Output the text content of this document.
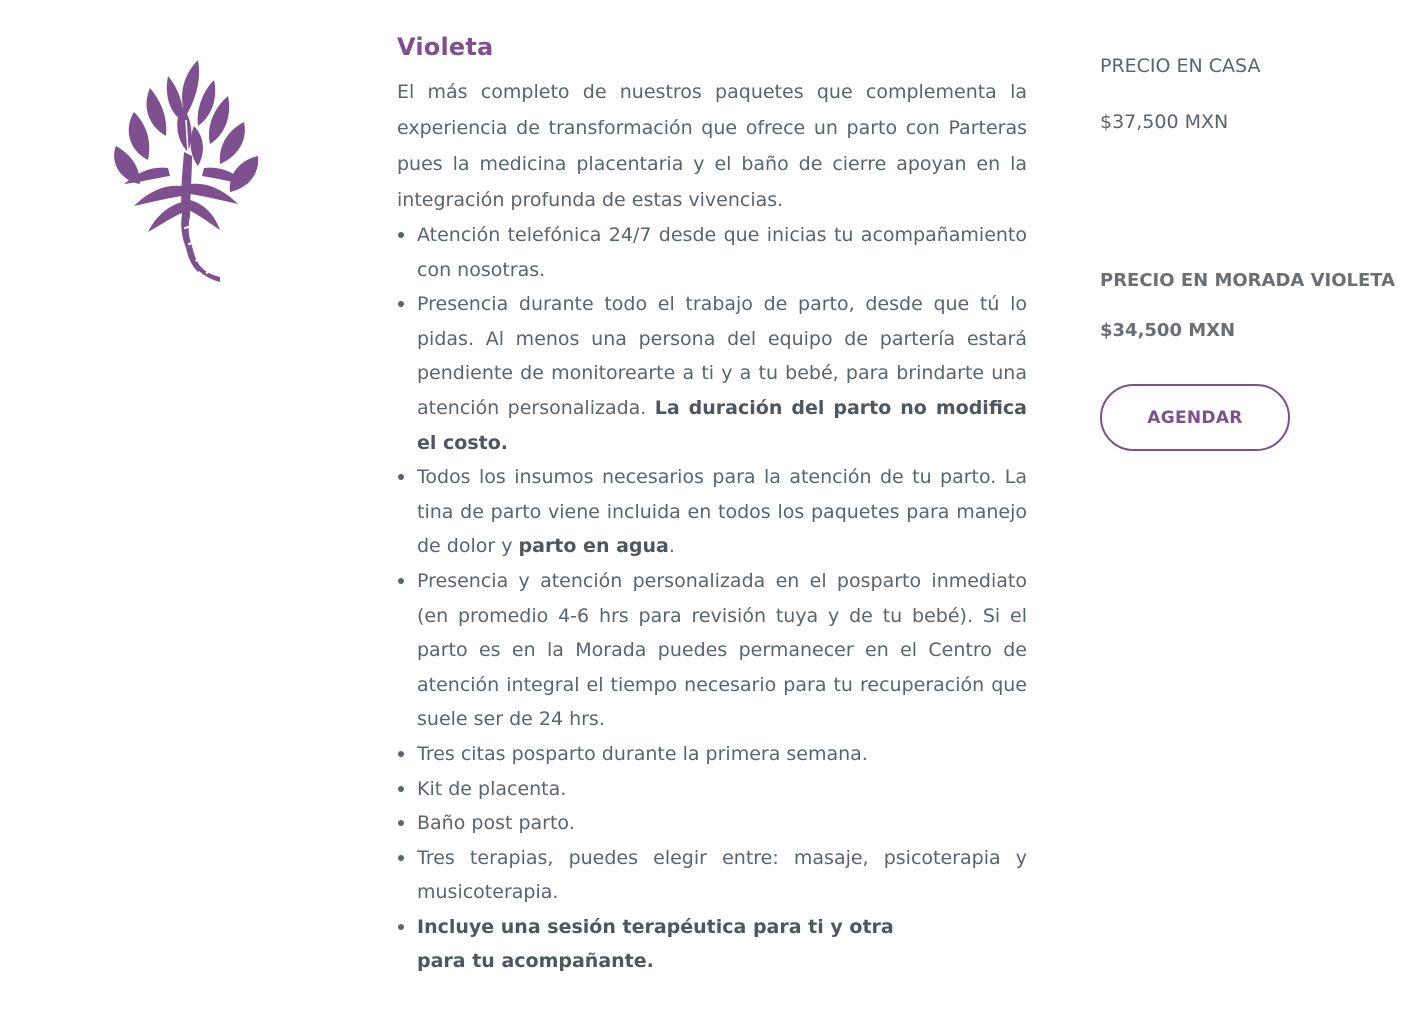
Violeta

El más completo de nuestros paquetes que complementa la experiencia de transformación que ofrece un parto con Parteras pues la medicina placentaria y el baño de cierre apoyan en la integración profunda de estas vivencias.

Atención telefónica 24/7 desde que inicias tu acompañamiento con nosotras.
Presencia durante todo el trabajo de parto, desde que tú lo pidas. Al menos una persona del equipo de partería estará pendiente de monitorearte a ti y a tu bebé, para brindarte una atención personalizada. La duración del parto no modifica el costo.
Todos los insumos necesarios para la atención de tu parto. La tina de parto viene incluida en todos los paquetes para manejo de dolor y parto en agua.
Presencia y atención personalizada en el posparto inmediato (en promedio 4-6 hrs para revisión tuya y de tu bebé). Si el parto es en la Morada puedes permanecer en el Centro de atención integral el tiempo necesario para tu recuperación que suele ser de 24 hrs.
Tres citas posparto durante la primera semana.
Kit de placenta.
Baño post parto.
Tres terapias, puedes elegir entre: masaje, psicoterapia y musicoterapia.
Incluye una sesión terapéutica para ti y otra para tu acompañante.
PRECIO EN CASA
$37,500 MXN
PRECIO EN MORADA VIOLETA
$34,500 MXN
AGENDAR
